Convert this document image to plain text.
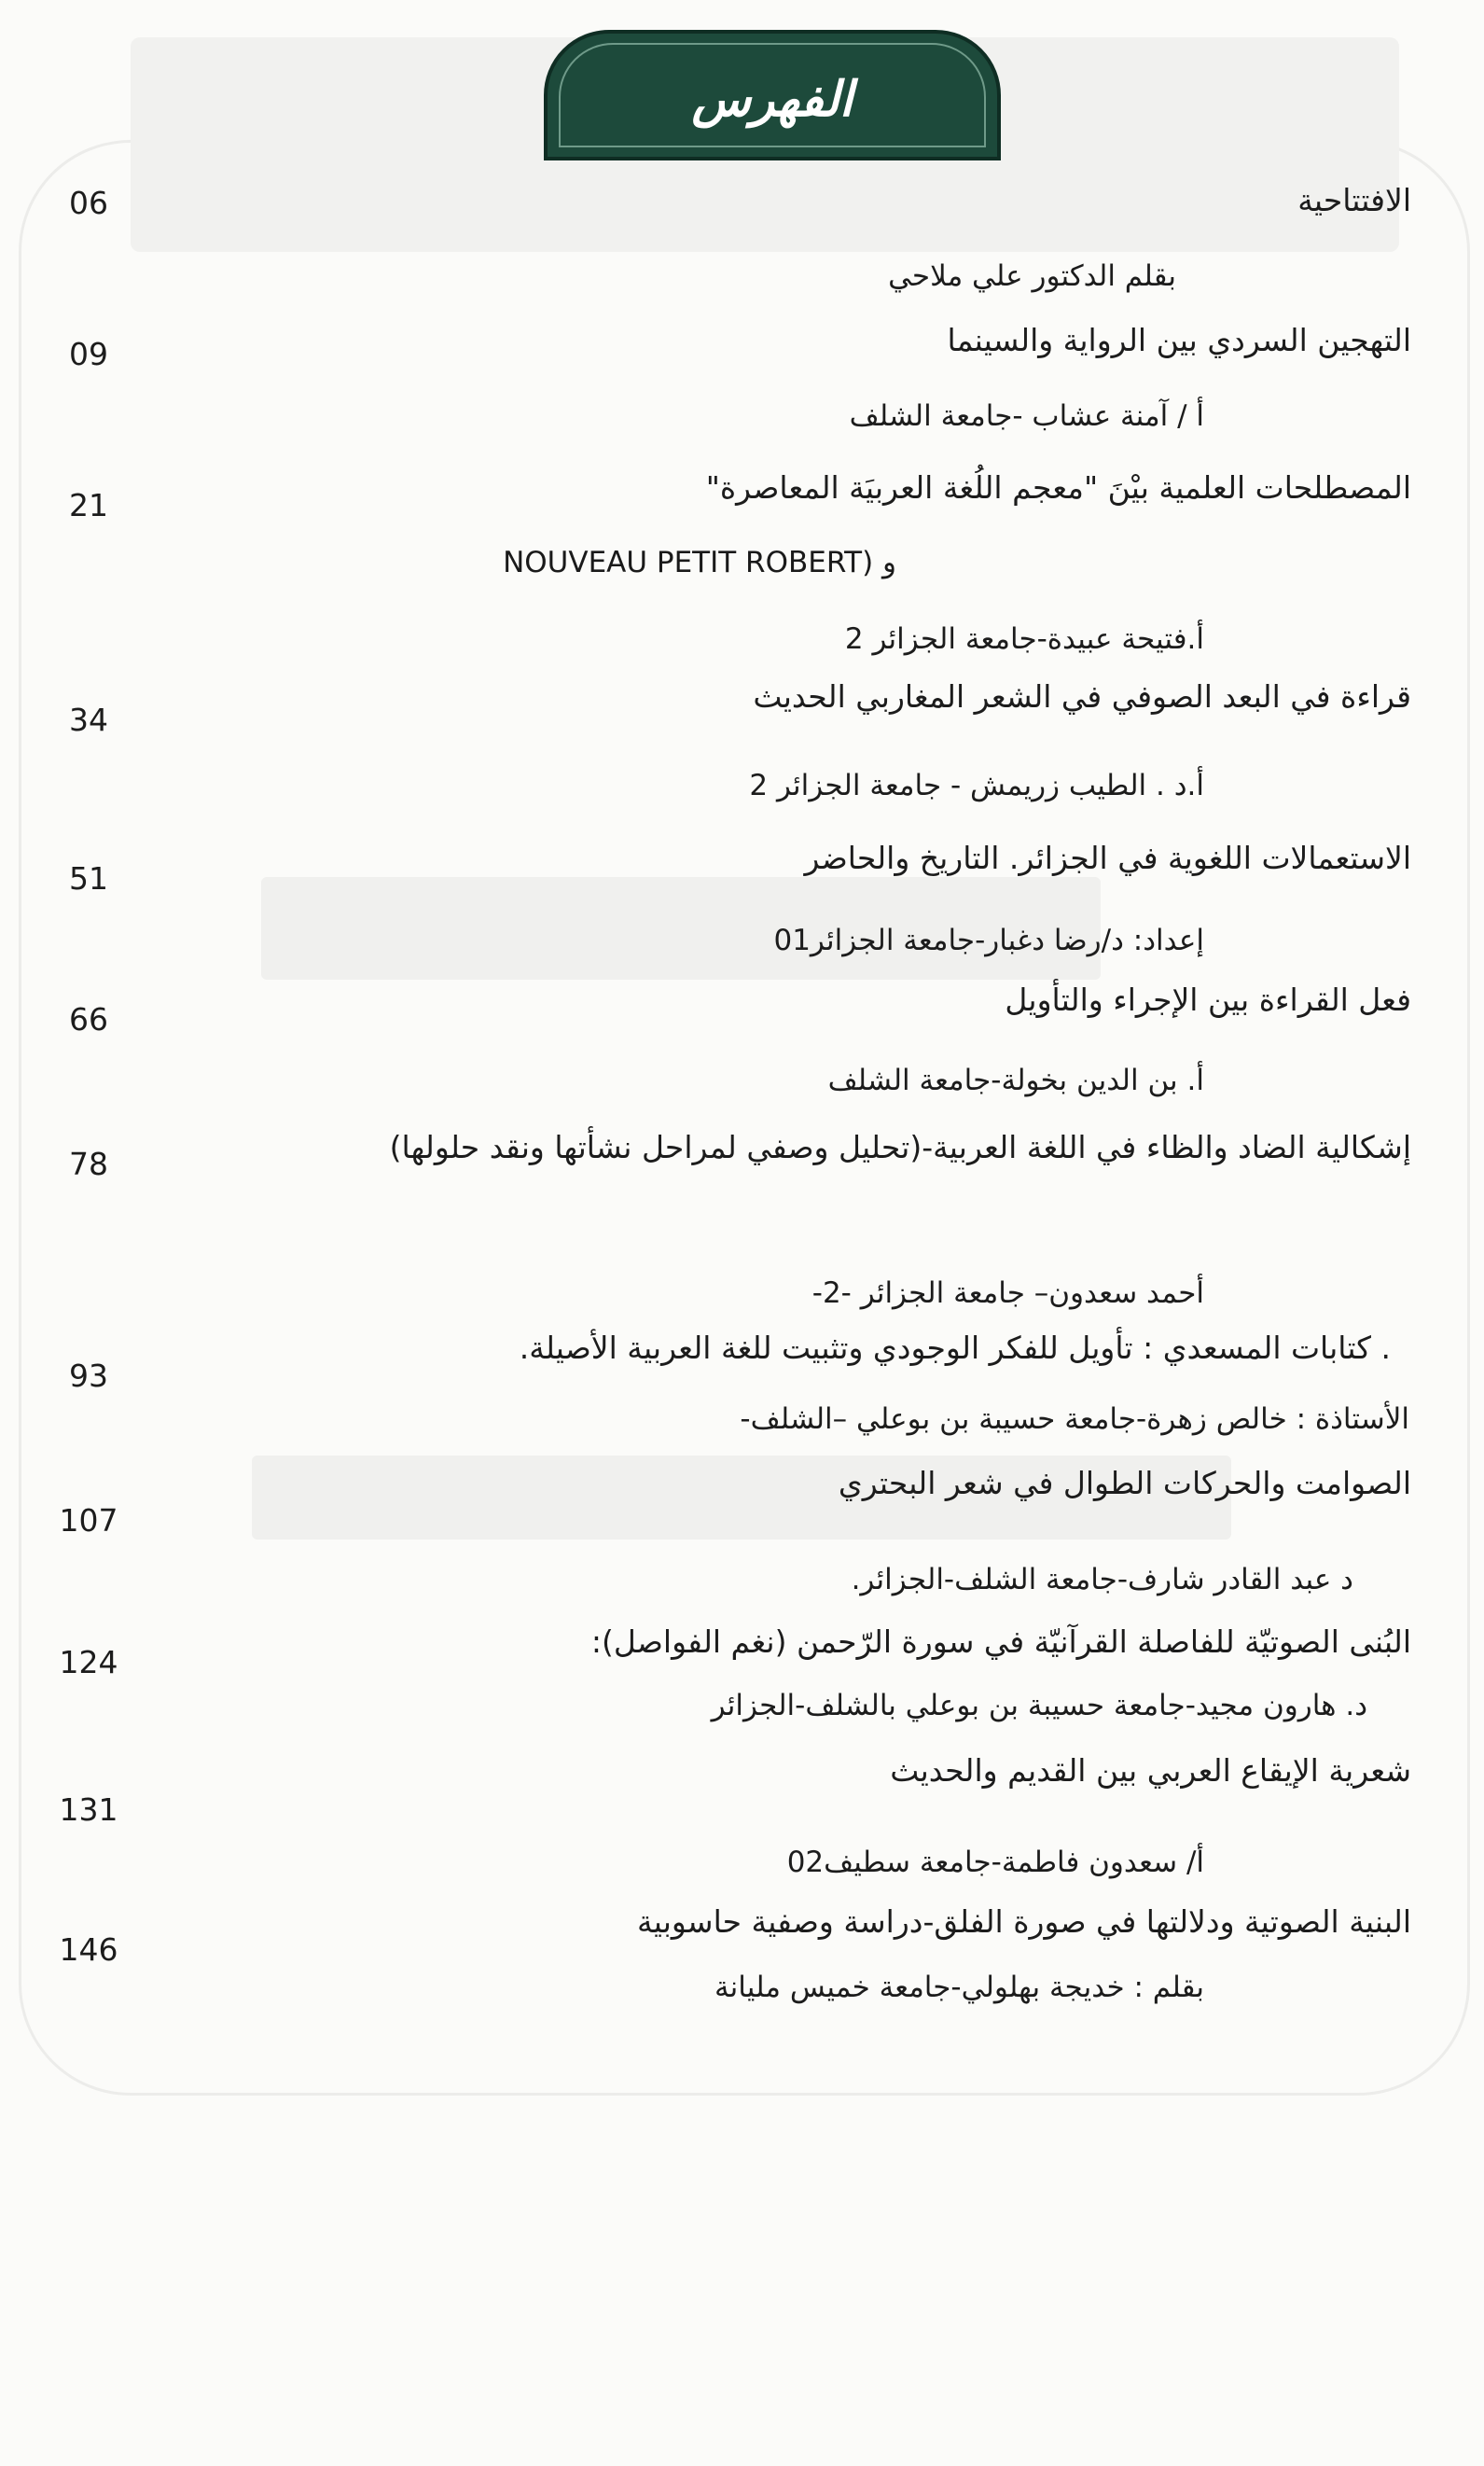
الفهرس
الافتتاحية
06
بقلم الدكتور علي ملاحي
التهجين السردي بين الرواية والسينما
09
أ / آمنة عشاب -جامعة الشلف
المصطلحات العلمية بيْنَ "معجم اللُغة العربيَة المعاصرة"
21
و (NOUVEAU PETIT ROBERT
أ.فتيحة عبيدة-جامعة الجزائر 2
قراءة في البعد الصوفي في الشعر المغاربي الحديث
34
أ.د . الطيب زريمش - جامعة الجزائر 2
الاستعمالات اللغوية في الجزائر. التاريخ والحاضر
51
إعداد: د/رضا دغبار-جامعة الجزائر01
فعل القراءة بين الإجراء والتأويل
66
أ. بن الدين بخولة-جامعة الشلف
إشكالية الضاد والظاء في اللغة العربية-(تحليل وصفي لمراحل نشأتها ونقد حلولها)
78
أحمد سعدون– جامعة الجزائر -2-
. كتابات المسعدي : تأويل للفكر الوجودي وتثبيت للغة العربية الأصيلة.
93
الأستاذة : خالص زهرة-جامعة حسيبة بن بوعلي –الشلف-
الصوامت والحركات الطوال في شعر البحتري
107
د عبد القادر شارف-جامعة الشلف-الجزائر.
البُنى الصوتيّة للفاصلة القرآنيّة في سورة الرّحمن (نغم الفواصل):
124
د. هارون مجيد-جامعة حسيبة بن بوعلي بالشلف-الجزائر
شعرية الإيقاع العربي بين القديم والحديث
131
أ/ سعدون فاطمة-جامعة سطيف02
البنية الصوتية ودلالتها في صورة الفلق-دراسة وصفية حاسوبية
146
بقلم : خديجة بهلولي-جامعة خميس مليانة
